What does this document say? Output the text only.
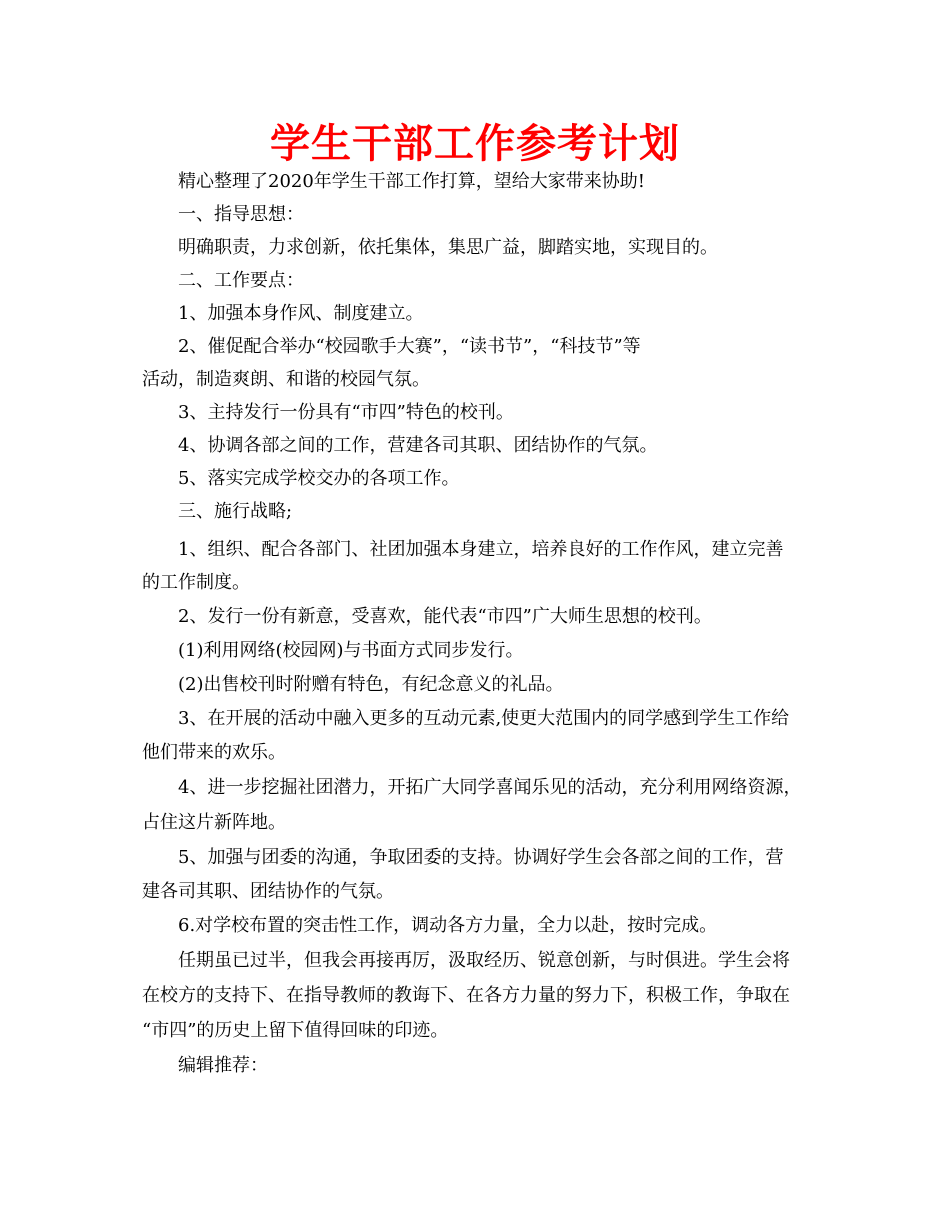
学生干部工作参考计划
精心整理了2020年学生干部工作打算，望给大家带来协助!
一、指导思想：
明确职责，力求创新，依托集体，集思广益，脚踏实地，实现目的。
二、工作要点：
1、加强本身作风、制度建立。
2、催促配合举办“校园歌手大赛”，“读书节”，“科技节”等
活动，制造爽朗、和谐的校园气氛。
3、主持发行一份具有“市四”特色的校刊。
4、协调各部之间的工作，营建各司其职、团结协作的气氛。
5、落实完成学校交办的各项工作。
三、施行战略;
1、组织、配合各部门、社团加强本身建立，培养良好的工作作风，建立完善
的工作制度。
2、发行一份有新意，受喜欢，能代表“市四”广大师生思想的校刊。
(1)利用网络(校园网)与书面方式同步发行。
(2)出售校刊时附赠有特色，有纪念意义的礼品。
3、在开展的活动中融入更多的互动元素,使更大范围内的同学感到学生工作给
他们带来的欢乐。
4、进一步挖掘社团潜力，开拓广大同学喜闻乐见的活动，充分利用网络资源，
占住这片新阵地。
5、加强与团委的沟通，争取团委的支持。协调好学生会各部之间的工作，营
建各司其职、团结协作的气氛。
6.对学校布置的突击性工作，调动各方力量，全力以赴，按时完成。
任期虽已过半，但我会再接再厉，汲取经历、锐意创新，与时俱进。学生会将
在校方的支持下、在指导教师的教诲下、在各方力量的努力下，积极工作，争取在
“市四”的历史上留下值得回味的印迹。
编辑推荐：
